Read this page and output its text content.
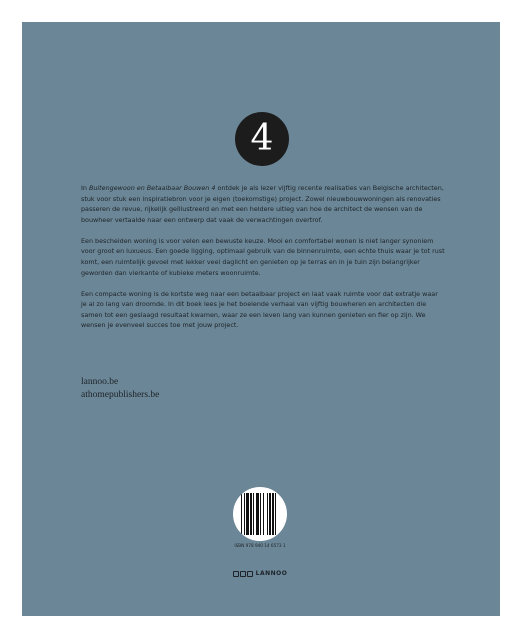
4

In Buitengewoon en Betaalbaar Bouwen 4 ontdek je als lezer vijftig recente realisaties van Belgische architecten, stuk voor stuk een inspiratiebron voor je eigen (toekomstige) project. Zowel nieuwbouwwoningen als renovaties passeren de revue, rijkelijk geïllustreerd en met een heldere uitleg van hoe de architect de wensen van de bouwheer vertaalde naar een ontwerp dat vaak de verwachtingen overtrof.

Een bescheiden woning is voor velen een bewuste keuze. Mooi en comfortabel wonen is niet langer synoniem voor groot en luxueus. Een goede ligging, optimaal gebruik van de binnenruimte, een echte thuis waar je tot rust komt, een ruimtelijk gevoel met lekker veel daglicht en genieten op je terras en in je tuin zijn belangrijker geworden dan vierkante of kubieke meters woonruimte.

Een compacte woning is de kortste weg naar een betaalbaar project en laat vaak ruimte voor dat extratje waar je al zo lang van droomde. In dit boek lees je het boeiende verhaal van vijftig bouwheren en architecten die samen tot een geslaagd resultaat kwamen, waar ze een leven lang van kunnen genieten en fier op zijn. We wensen je evenveel succes toe met jouw project.

lannoo.be
athomepublishers.be
ISBN 978 940 14 6573 1
LANNOO
